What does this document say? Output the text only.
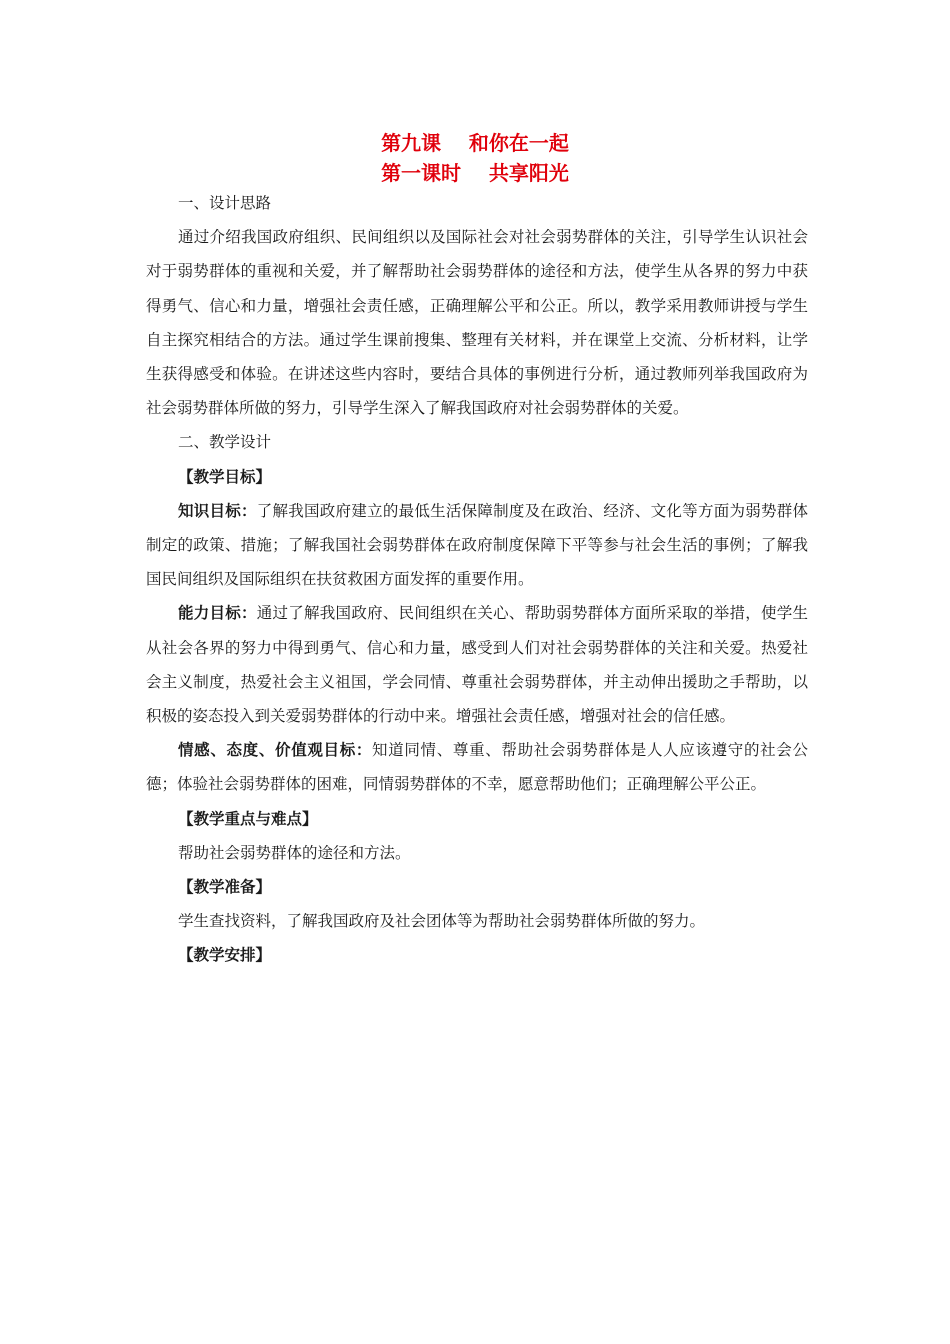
第九课    和你在一起
第一课时    共享阳光

一、设计思路

通过介绍我国政府组织、民间组织以及国际社会对社会弱势群体的关注，引导学生认识社会对于弱势群体的重视和关爱，并了解帮助社会弱势群体的途径和方法，使学生从各界的努力中获得勇气、信心和力量，增强社会责任感，正确理解公平和公正。所以，教学采用教师讲授与学生自主探究相结合的方法。通过学生课前搜集、整理有关材料，并在课堂上交流、分析材料，让学生获得感受和体验。在讲述这些内容时，要结合具体的事例进行分析，通过教师列举我国政府为社会弱势群体所做的努力，引导学生深入了解我国政府对社会弱势群体的关爱。

二、教学设计

【教学目标】

知识目标：了解我国政府建立的最低生活保障制度及在政治、经济、文化等方面为弱势群体制定的政策、措施；了解我国社会弱势群体在政府制度保障下平等参与社会生活的事例；了解我国民间组织及国际组织在扶贫救困方面发挥的重要作用。

能力目标：通过了解我国政府、民间组织在关心、帮助弱势群体方面所采取的举措，使学生从社会各界的努力中得到勇气、信心和力量，感受到人们对社会弱势群体的关注和关爱。热爱社会主义制度，热爱社会主义祖国，学会同情、尊重社会弱势群体，并主动伸出援助之手帮助，以积极的姿态投入到关爱弱势群体的行动中来。增强社会责任感，增强对社会的信任感。

情感、态度、价值观目标：知道同情、尊重、帮助社会弱势群体是人人应该遵守的社会公德；体验社会弱势群体的困难，同情弱势群体的不幸，愿意帮助他们；正确理解公平公正。

【教学重点与难点】

帮助社会弱势群体的途径和方法。

【教学准备】

学生查找资料，了解我国政府及社会团体等为帮助社会弱势群体所做的努力。

【教学安排】
